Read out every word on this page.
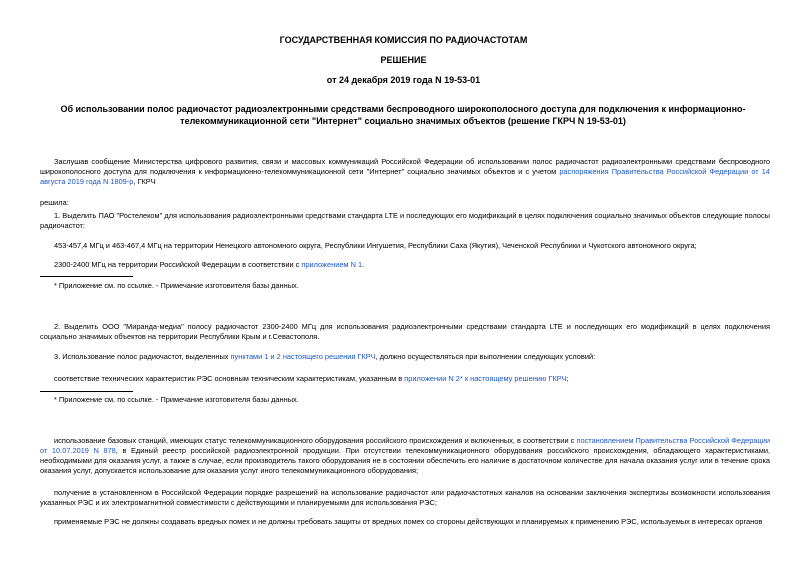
ГОСУДАРСТВЕННАЯ КОМИССИЯ ПО РАДИОЧАСТОТАМ
РЕШЕНИЕ
от 24 декабря 2019 года N 19-53-01
Об использовании полос радиочастот радиоэлектронными средствами беспроводного широкополосного доступа для подключения к информационно-телекоммуникационной сети "Интернет" социально значимых объектов (решение ГКРЧ N 19-53-01)
Заслушав сообщение Министерства цифрового развития, связи и массовых коммуникаций Российской Федерации об использовании полос радиочастот радиоэлектронными средствами беспроводного широкополосного доступа для подключения к информационно-телекоммуникационной сети "Интернет" социально значимых объектов и с учетом распоряжения Правительства Российской Федерации от 14 августа 2019 года N 1809-р, ГКРЧ
решила:
1. Выделить ПАО "Ростелеком" для использования радиоэлектронными средствами стандарта LTE и последующих его модификаций в целях подключения социально значимых объектов следующие полосы радиочастот:
453-457,4 МГц и 463-467,4 МГц на территории Ненецкого автономного округа, Республики Ингушетия, Республики Саха (Якутия), Чеченской Республики и Чукотского автономного округа;
2300-2400 МГц на территории Российской Федерации в соответствии с приложением N 1.
* Приложение см. по ссылке. - Примечание изготовителя базы данных.
2. Выделить ООО "Миранда-медиа" полосу радиочастот 2300-2400 МГц для использования радиоэлектронными средствами стандарта LTE и последующих его модификаций в целях подключения социально значимых объектов на территории Республики Крым и г.Севастополя.
3. Использование полос радиочастот, выделенных пунктами 1 и 2 настоящего решения ГКРЧ, должно осуществляться при выполнении следующих условий:
соответствие технических характеристик РЭС основным техническим характеристикам, указанным в приложении N 2* к настоящему решению ГКРЧ;
* Приложение см. по ссылке. - Примечание изготовителя базы данных.
использование базовых станций, имеющих статус телекоммуникационного оборудования российского происхождения и включенных, в соответствии с постановлением Правительства Российской Федерации от 10.07.2019 N 878, в Единый реестр российской радиоэлектронной продукции. При отсутствии телекоммуникационного оборудования российского происхождения, обладающего характеристиками, необходимыми для оказания услуг, а также в случае, если производитель такого оборудования не в состоянии обеспечить его наличие в достаточном количестве для начала оказания услуг или в течение срока оказания услуг, допускается использование для оказания услуг иного телекоммуникационного оборудования;
получение в установленном в Российской Федерации порядке разрешений на использование радиочастот или радиочастотных каналов на основании заключения экспертизы возможности использования указанных РЭС и их электромагнитной совместимости с действующими и планируемыми для использования РЭС;
применяемые РЭС не должны создавать вредных помех и не должны требовать защиты от вредных помех со стороны действующих и планируемых к применению РЭС, используемых в интересах органов
